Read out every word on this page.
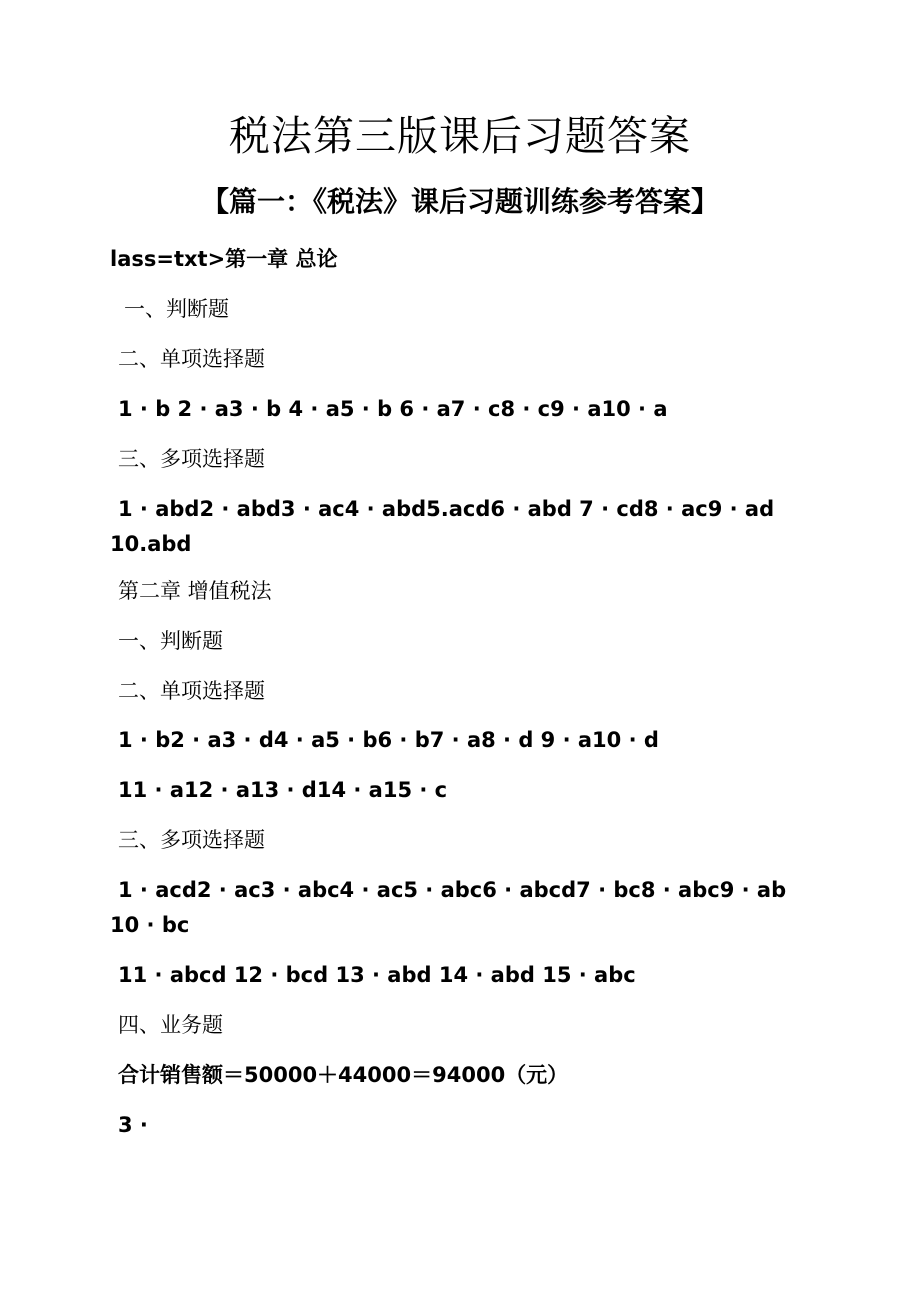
税法第三版课后习题答案
【篇一：《税法》课后习题训练参考答案】

lass=txt>第一章 总论

一、判断题

二、单项选择题

1 · b 2 · a3 · b 4 · a5 · b 6 · a7 · c8 · c9 · a10 · a

三、多项选择题

1 · abd2 · abd3 · ac4 · abd5.acd6 · abd 7 · cd8 · ac9 · ad
10.abd

第二章 增值税法

一、判断题

二、单项选择题

1 · b2 · a3 · d4 · a5 · b6 · b7 · a8 · d 9 · a10 · d

11 · a12 · a13 · d14 · a15 · c

三、多项选择题

1 · acd2 · ac3 · abc4 · ac5 · abc6 · abcd7 · bc8 · abc9 · ab
10 · bc

11 · abcd 12 · bcd 13 · abd 14 · abd 15 · abc

四、业务题

合计销售额＝50000＋44000＝94000（元）

3 ·
